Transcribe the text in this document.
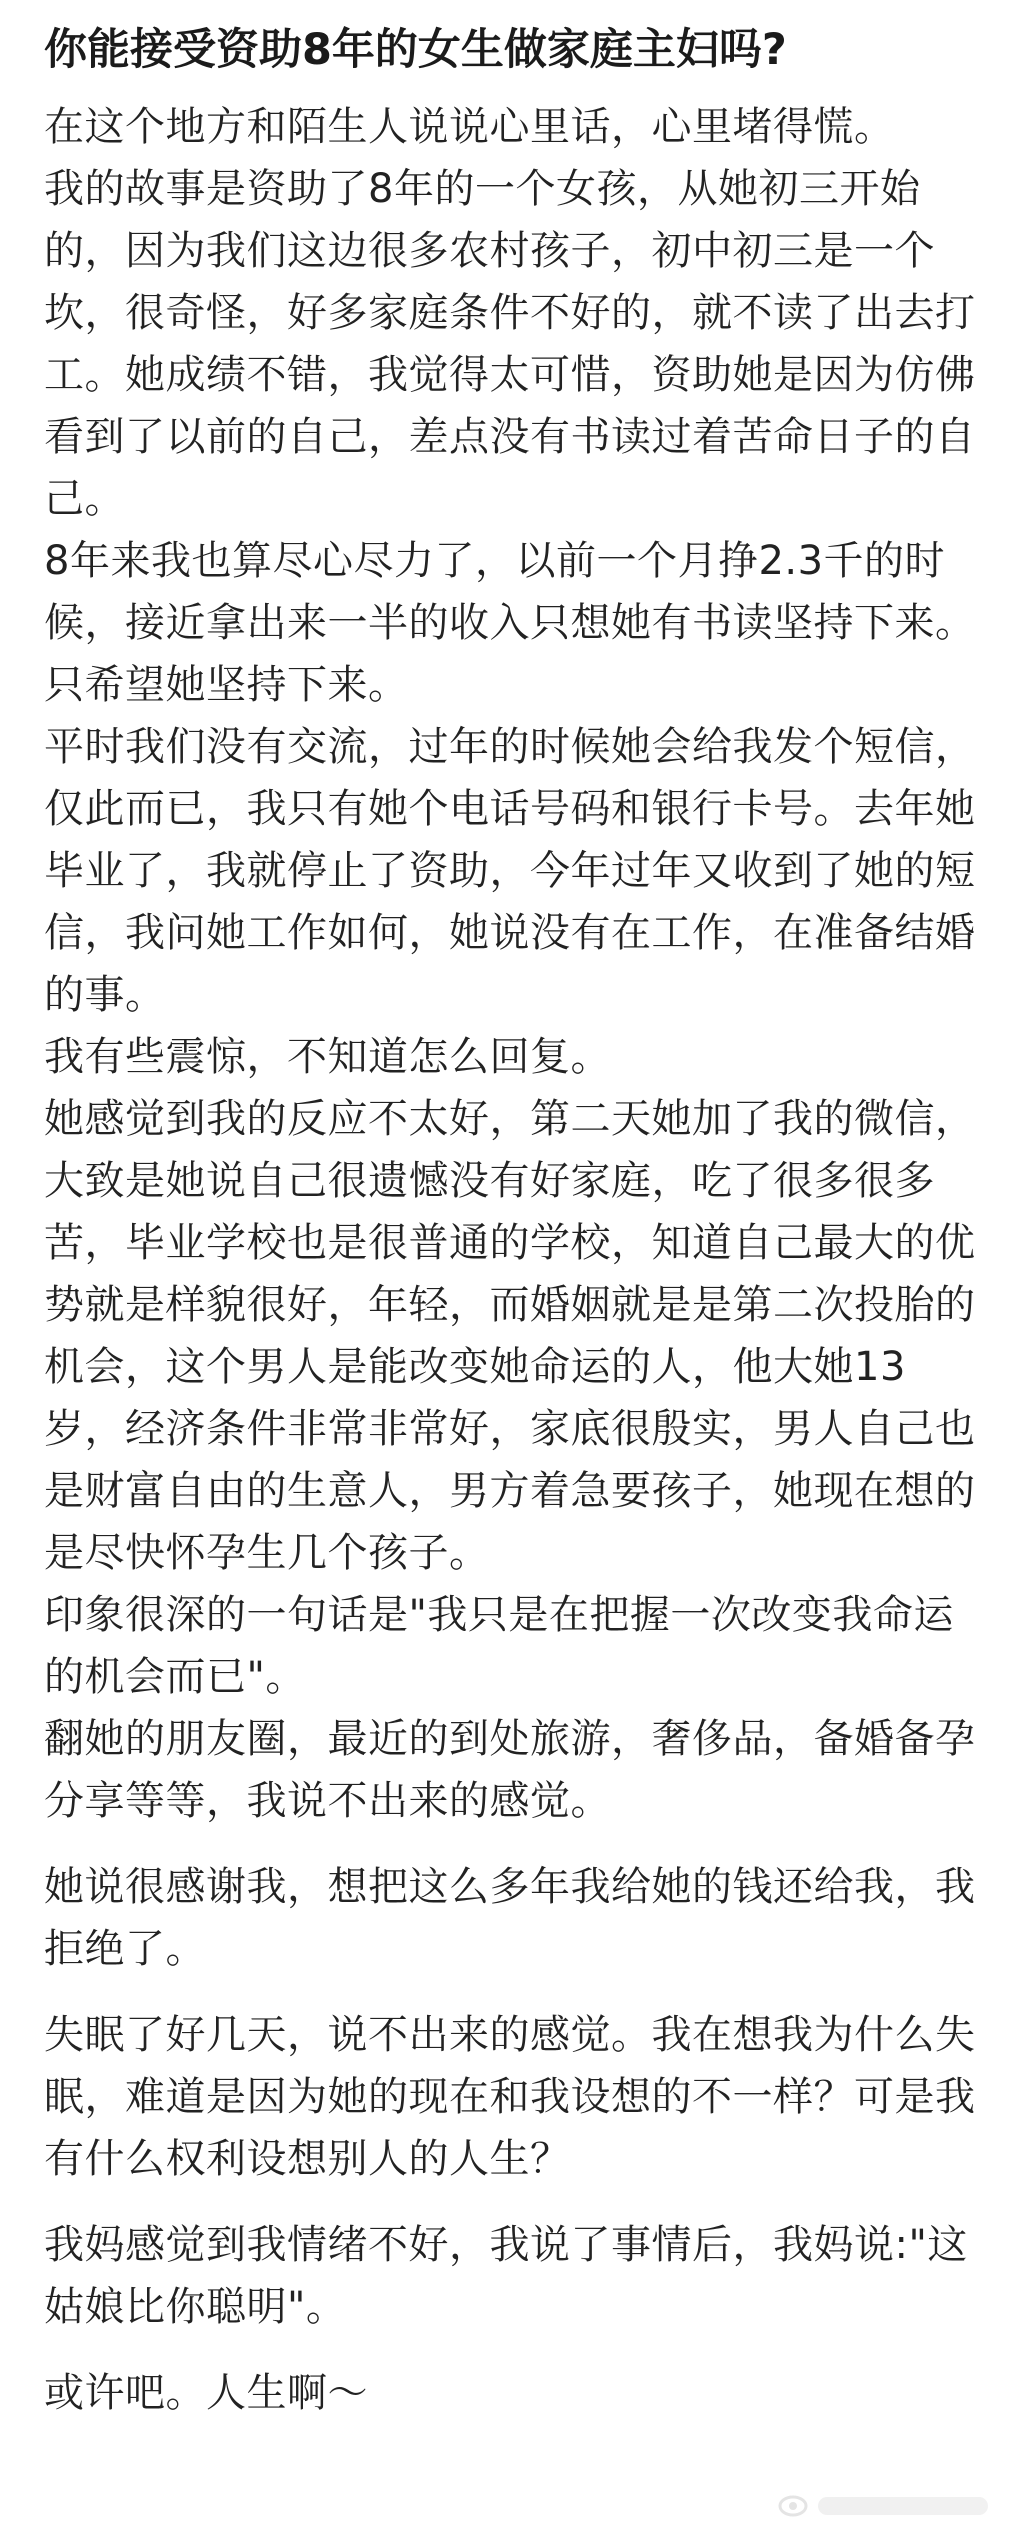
你能接受资助8年的女生做家庭主妇吗?

在这个地方和陌生人说说心里话，心里堵得慌。

我的故事是资助了8年的一个女孩，从她初三开始的，因为我们这边很多农村孩子，初中初三是一个坎，很奇怪，好多家庭条件不好的，就不读了出去打工。她成绩不错，我觉得太可惜，资助她是因为仿佛看到了以前的自己，差点没有书读过着苦命日子的自己。

8年来我也算尽心尽力了，以前一个月挣2.3千的时候，接近拿出来一半的收入只想她有书读坚持下来。只希望她坚持下来。

平时我们没有交流，过年的时候她会给我发个短信，仅此而已，我只有她个电话号码和银行卡号。去年她毕业了，我就停止了资助，今年过年又收到了她的短信，我问她工作如何，她说没有在工作，在准备结婚的事。

我有些震惊，不知道怎么回复。

她感觉到我的反应不太好，第二天她加了我的微信，大致是她说自己很遗憾没有好家庭，吃了很多很多苦，毕业学校也是很普通的学校，知道自己最大的优势就是样貌很好，年轻，而婚姻就是是第二次投胎的机会，这个男人是能改变她命运的人，他大她13岁，经济条件非常非常好，家底很殷实，男人自己也是财富自由的生意人，男方着急要孩子，她现在想的是尽快怀孕生几个孩子。

印象很深的一句话是"我只是在把握一次改变我命运的机会而已"。

翻她的朋友圈，最近的到处旅游，奢侈品，备婚备孕分享等等，我说不出来的感觉。

她说很感谢我，想把这么多年我给她的钱还给我，我拒绝了。

失眠了好几天，说不出来的感觉。我在想我为什么失眠，难道是因为她的现在和我设想的不一样？可是我有什么权利设想别人的人生？

我妈感觉到我情绪不好，我说了事情后，我妈说:"这姑娘比你聪明"。

或许吧。人生啊～
